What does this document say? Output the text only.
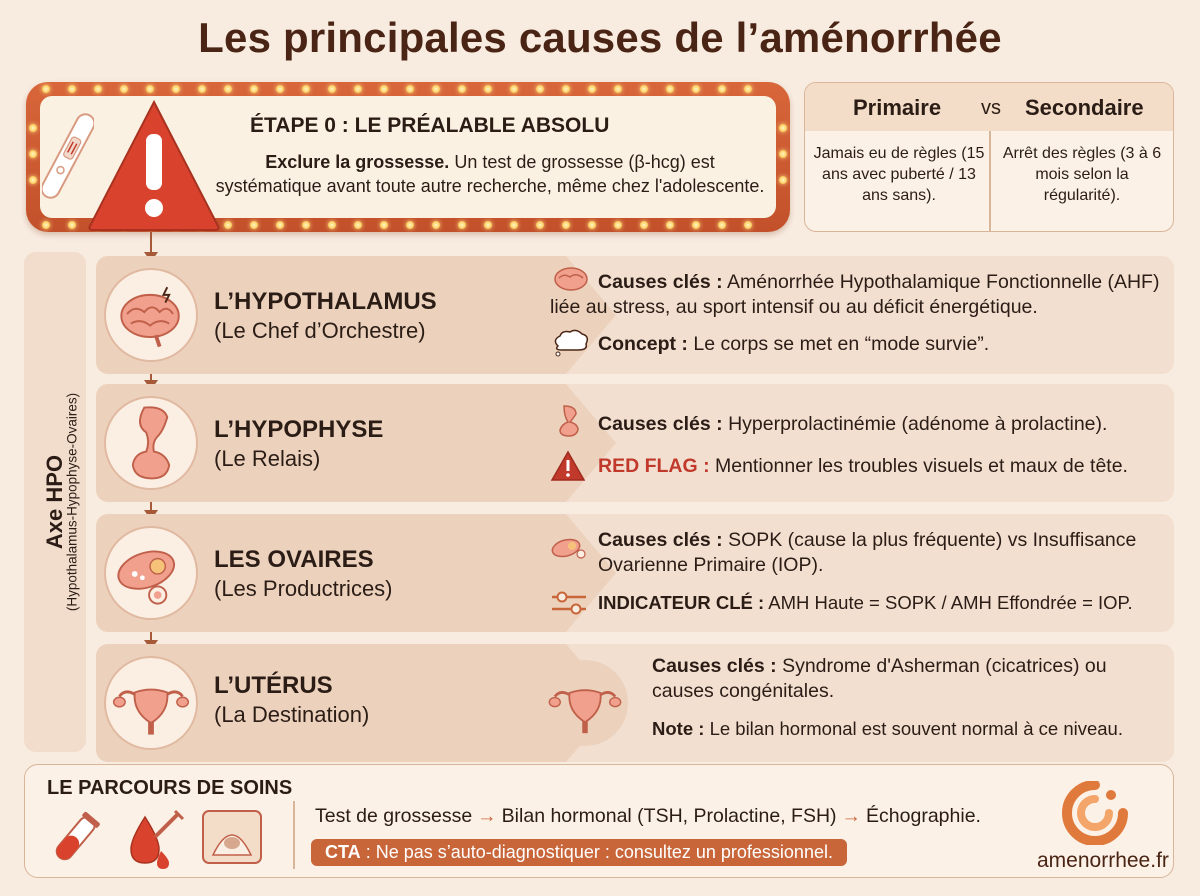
Les principales causes de l’aménorrhée
ÉTAPE 0 : LE PRÉALABLE ABSOLU
Exclure la grossesse. Un test de grossesse (β-hcg) est systématique avant toute autre recherche, même chez l'adolescente.
Primaire vs Secondaire
Jamais eu de règles (15 ans avec puberté / 13 ans sans).
Arrêt des règles (3 à 6 mois selon la régularité).
Axe HPO
(Hypothalamus-Hypophyse-Ovaires)
L’HYPOTHALAMUS
(Le Chef d’Orchestre)
Causes clés : Aménorrhée Hypothalamique Fonctionnelle (AHF) liée au stress, au sport intensif ou au déficit énergétique.
Concept : Le corps se met en “mode survie”.
L’HYPOPHYSE
(Le Relais)
Causes clés : Hyperprolactinémie (adénome à prolactine).
RED FLAG : Mentionner les troubles visuels et maux de tête.
LES OVAIRES
(Les Productrices)
Causes clés : SOPK (cause la plus fréquente) vs Insuffisance Ovarienne Primaire (IOP).
INDICATEUR CLÉ : AMH Haute = SOPK / AMH Effondrée = IOP.
L’UTÉRUS
(La Destination)
Causes clés : Syndrome d'Asherman (cicatrices) ou causes congénitales.
Note : Le bilan hormonal est souvent normal à ce niveau.
LE PARCOURS DE SOINS
Test de grossesse → Bilan hormonal (TSH, Prolactine, FSH) → Échographie.
CTA : Ne pas s’auto-diagnostiquer : consultez un professionnel.	amenorrhee.fr
